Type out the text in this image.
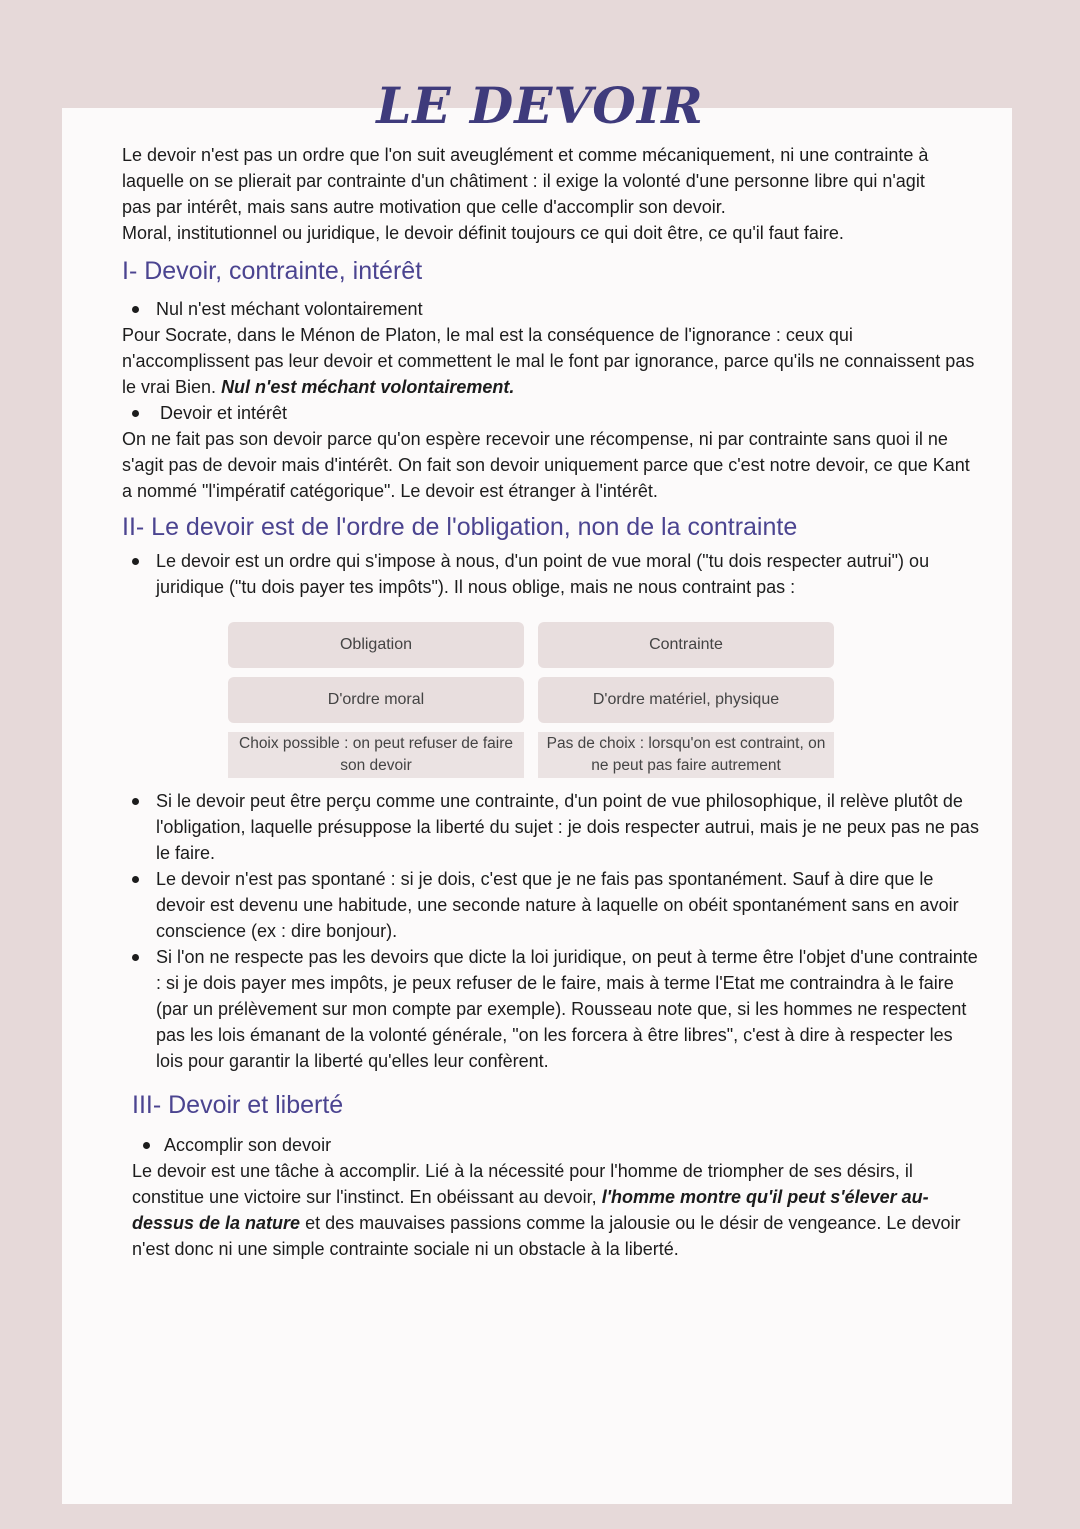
LE DEVOIR

Le devoir n'est pas un ordre que l'on suit aveuglément et comme mécaniquement, ni une contrainte à laquelle on se plierait par contrainte d'un châtiment : il exige la volonté d'une personne libre qui n'agit pas par intérêt, mais sans autre motivation que celle d'accomplir son devoir.

Moral, institutionnel ou juridique, le devoir définit toujours ce qui doit être, ce qu'il faut faire.

I- Devoir, contrainte, intérêt
Nul n'est méchant volontairement

Pour Socrate, dans le Ménon de Platon, le mal est la conséquence de l'ignorance : ceux qui n'accomplissent pas leur devoir et commettent le mal le font par ignorance, parce qu'ils ne connaissent pas le vrai Bien. Nul n'est méchant volontairement.

Devoir et intérêt

On ne fait pas son devoir parce qu'on espère recevoir une récompense, ni par contrainte sans quoi il ne s'agit pas de devoir mais d'intérêt. On fait son devoir uniquement parce que c'est notre devoir, ce que Kant a nommé "l'impératif catégorique". Le devoir est étranger à l'intérêt.

II- Le devoir est de l'ordre de l'obligation, non de la contrainte
Le devoir est un ordre qui s'impose à nous, d'un point de vue moral ("tu dois respecter autrui") ou juridique ("tu dois payer tes impôts"). Il nous oblige, mais ne nous contraint pas :
Obligation	Contrainte
D'ordre moral	D'ordre matériel, physique
Choix possible : on peut refuser de faire son devoir
Pas de choix : lorsqu'on est contraint, on ne peut pas faire autrement
Si le devoir peut être perçu comme une contrainte, d'un point de vue philosophique, il relève plutôt de l'obligation, laquelle présuppose la liberté du sujet : je dois respecter autrui, mais je ne peux pas ne pas le faire.
Le devoir n'est pas spontané : si je dois, c'est que je ne fais pas spontanément. Sauf à dire que le devoir est devenu une habitude, une seconde nature à laquelle on obéit spontanément sans en avoir conscience (ex : dire bonjour).
Si l'on ne respecte pas les devoirs que dicte la loi juridique, on peut à terme être l'objet d'une contrainte : si je dois payer mes impôts, je peux refuser de le faire, mais à terme l'Etat me contraindra à le faire (par un prélèvement sur mon compte par exemple). Rousseau note que, si les hommes ne respectent pas les lois émanant de la volonté générale, "on les forcera à être libres", c'est à dire à respecter les lois pour garantir la liberté qu'elles leur confèrent.
III- Devoir et liberté
Accomplir son devoir

Le devoir est une tâche à accomplir. Lié à la nécessité pour l'homme de triompher de ses désirs, il constitue une victoire sur l'instinct. En obéissant au devoir, l'homme montre qu'il peut s'élever au-dessus de la nature et des mauvaises passions comme la jalousie ou le désir de vengeance. Le devoir n'est donc ni une simple contrainte sociale ni un obstacle à la liberté.
